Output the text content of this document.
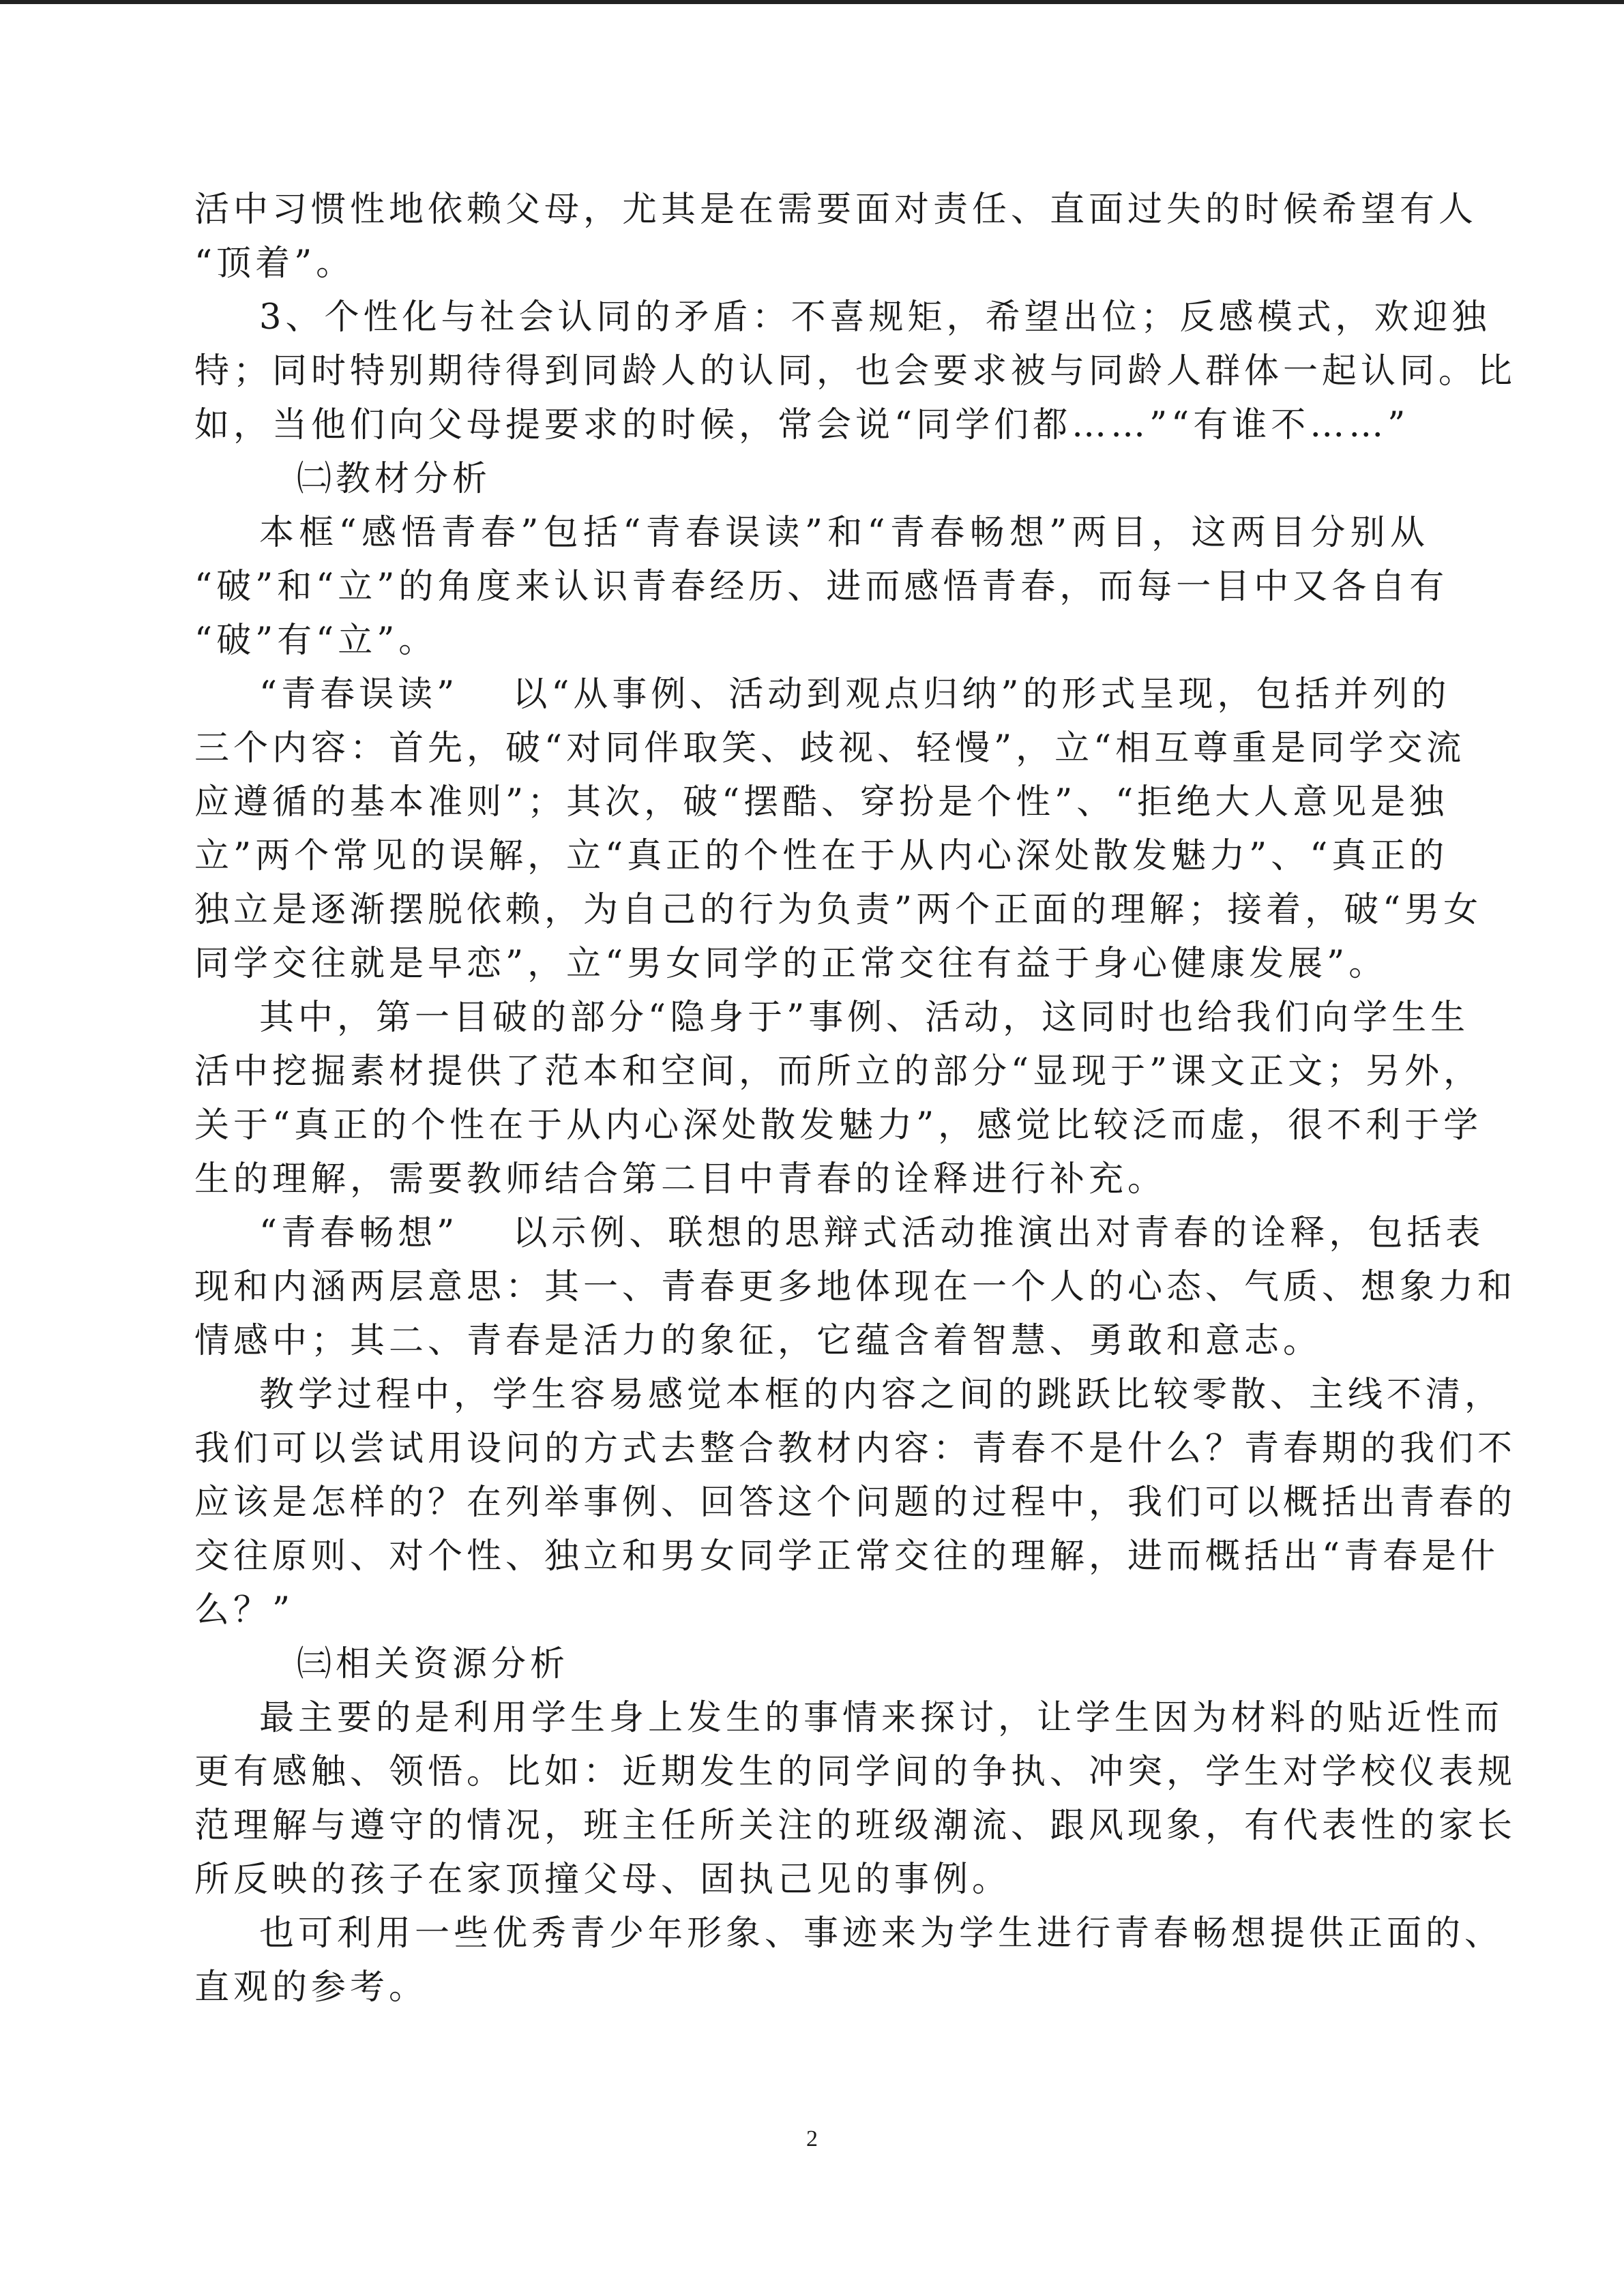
活中习惯性地依赖父母，尤其是在需要面对责任、直面过失的时候希望有人
“顶着”。
3、个性化与社会认同的矛盾：不喜规矩，希望出位；反感模式，欢迎独
特；同时特别期待得到同龄人的认同，也会要求被与同龄人群体一起认同。比
如，当他们向父母提要求的时候，常会说“同学们都……”“有谁不……”
㈡教材分析
本框“感悟青春”包括“青春误读”和“青春畅想”两目，这两目分别从
“破”和“立”的角度来认识青春经历、进而感悟青春，而每一目中又各自有
“破”有“立”。
“青春误读”　 以“从事例、活动到观点归纳”的形式呈现，包括并列的
三个内容：首先，破“对同伴取笑、歧视、轻慢”，立“相互尊重是同学交流
应遵循的基本准则”；其次，破“摆酷、穿扮是个性”、“拒绝大人意见是独
立”两个常见的误解，立“真正的个性在于从内心深处散发魅力”、“真正的
独立是逐渐摆脱依赖，为自己的行为负责”两个正面的理解；接着，破“男女
同学交往就是早恋”，立“男女同学的正常交往有益于身心健康发展”。
其中，第一目破的部分“隐身于”事例、活动，这同时也给我们向学生生
活中挖掘素材提供了范本和空间，而所立的部分“显现于”课文正文；另外，
关于“真正的个性在于从内心深处散发魅力”，感觉比较泛而虚，很不利于学
生的理解，需要教师结合第二目中青春的诠释进行补充。
“青春畅想”　 以示例、联想的思辩式活动推演出对青春的诠释，包括表
现和内涵两层意思：其一、青春更多地体现在一个人的心态、气质、想象力和
情感中；其二、青春是活力的象征，它蕴含着智慧、勇敢和意志。
教学过程中，学生容易感觉本框的内容之间的跳跃比较零散、主线不清，
我们可以尝试用设问的方式去整合教材内容：青春不是什么？青春期的我们不
应该是怎样的？在列举事例、回答这个问题的过程中，我们可以概括出青春的
交往原则、对个性、独立和男女同学正常交往的理解，进而概括出“青春是什
么？”
㈢相关资源分析
最主要的是利用学生身上发生的事情来探讨，让学生因为材料的贴近性而
更有感触、领悟。比如：近期发生的同学间的争执、冲突，学生对学校仪表规
范理解与遵守的情况，班主任所关注的班级潮流、跟风现象，有代表性的家长
所反映的孩子在家顶撞父母、固执己见的事例。
也可利用一些优秀青少年形象、事迹来为学生进行青春畅想提供正面的、
直观的参考。
2
